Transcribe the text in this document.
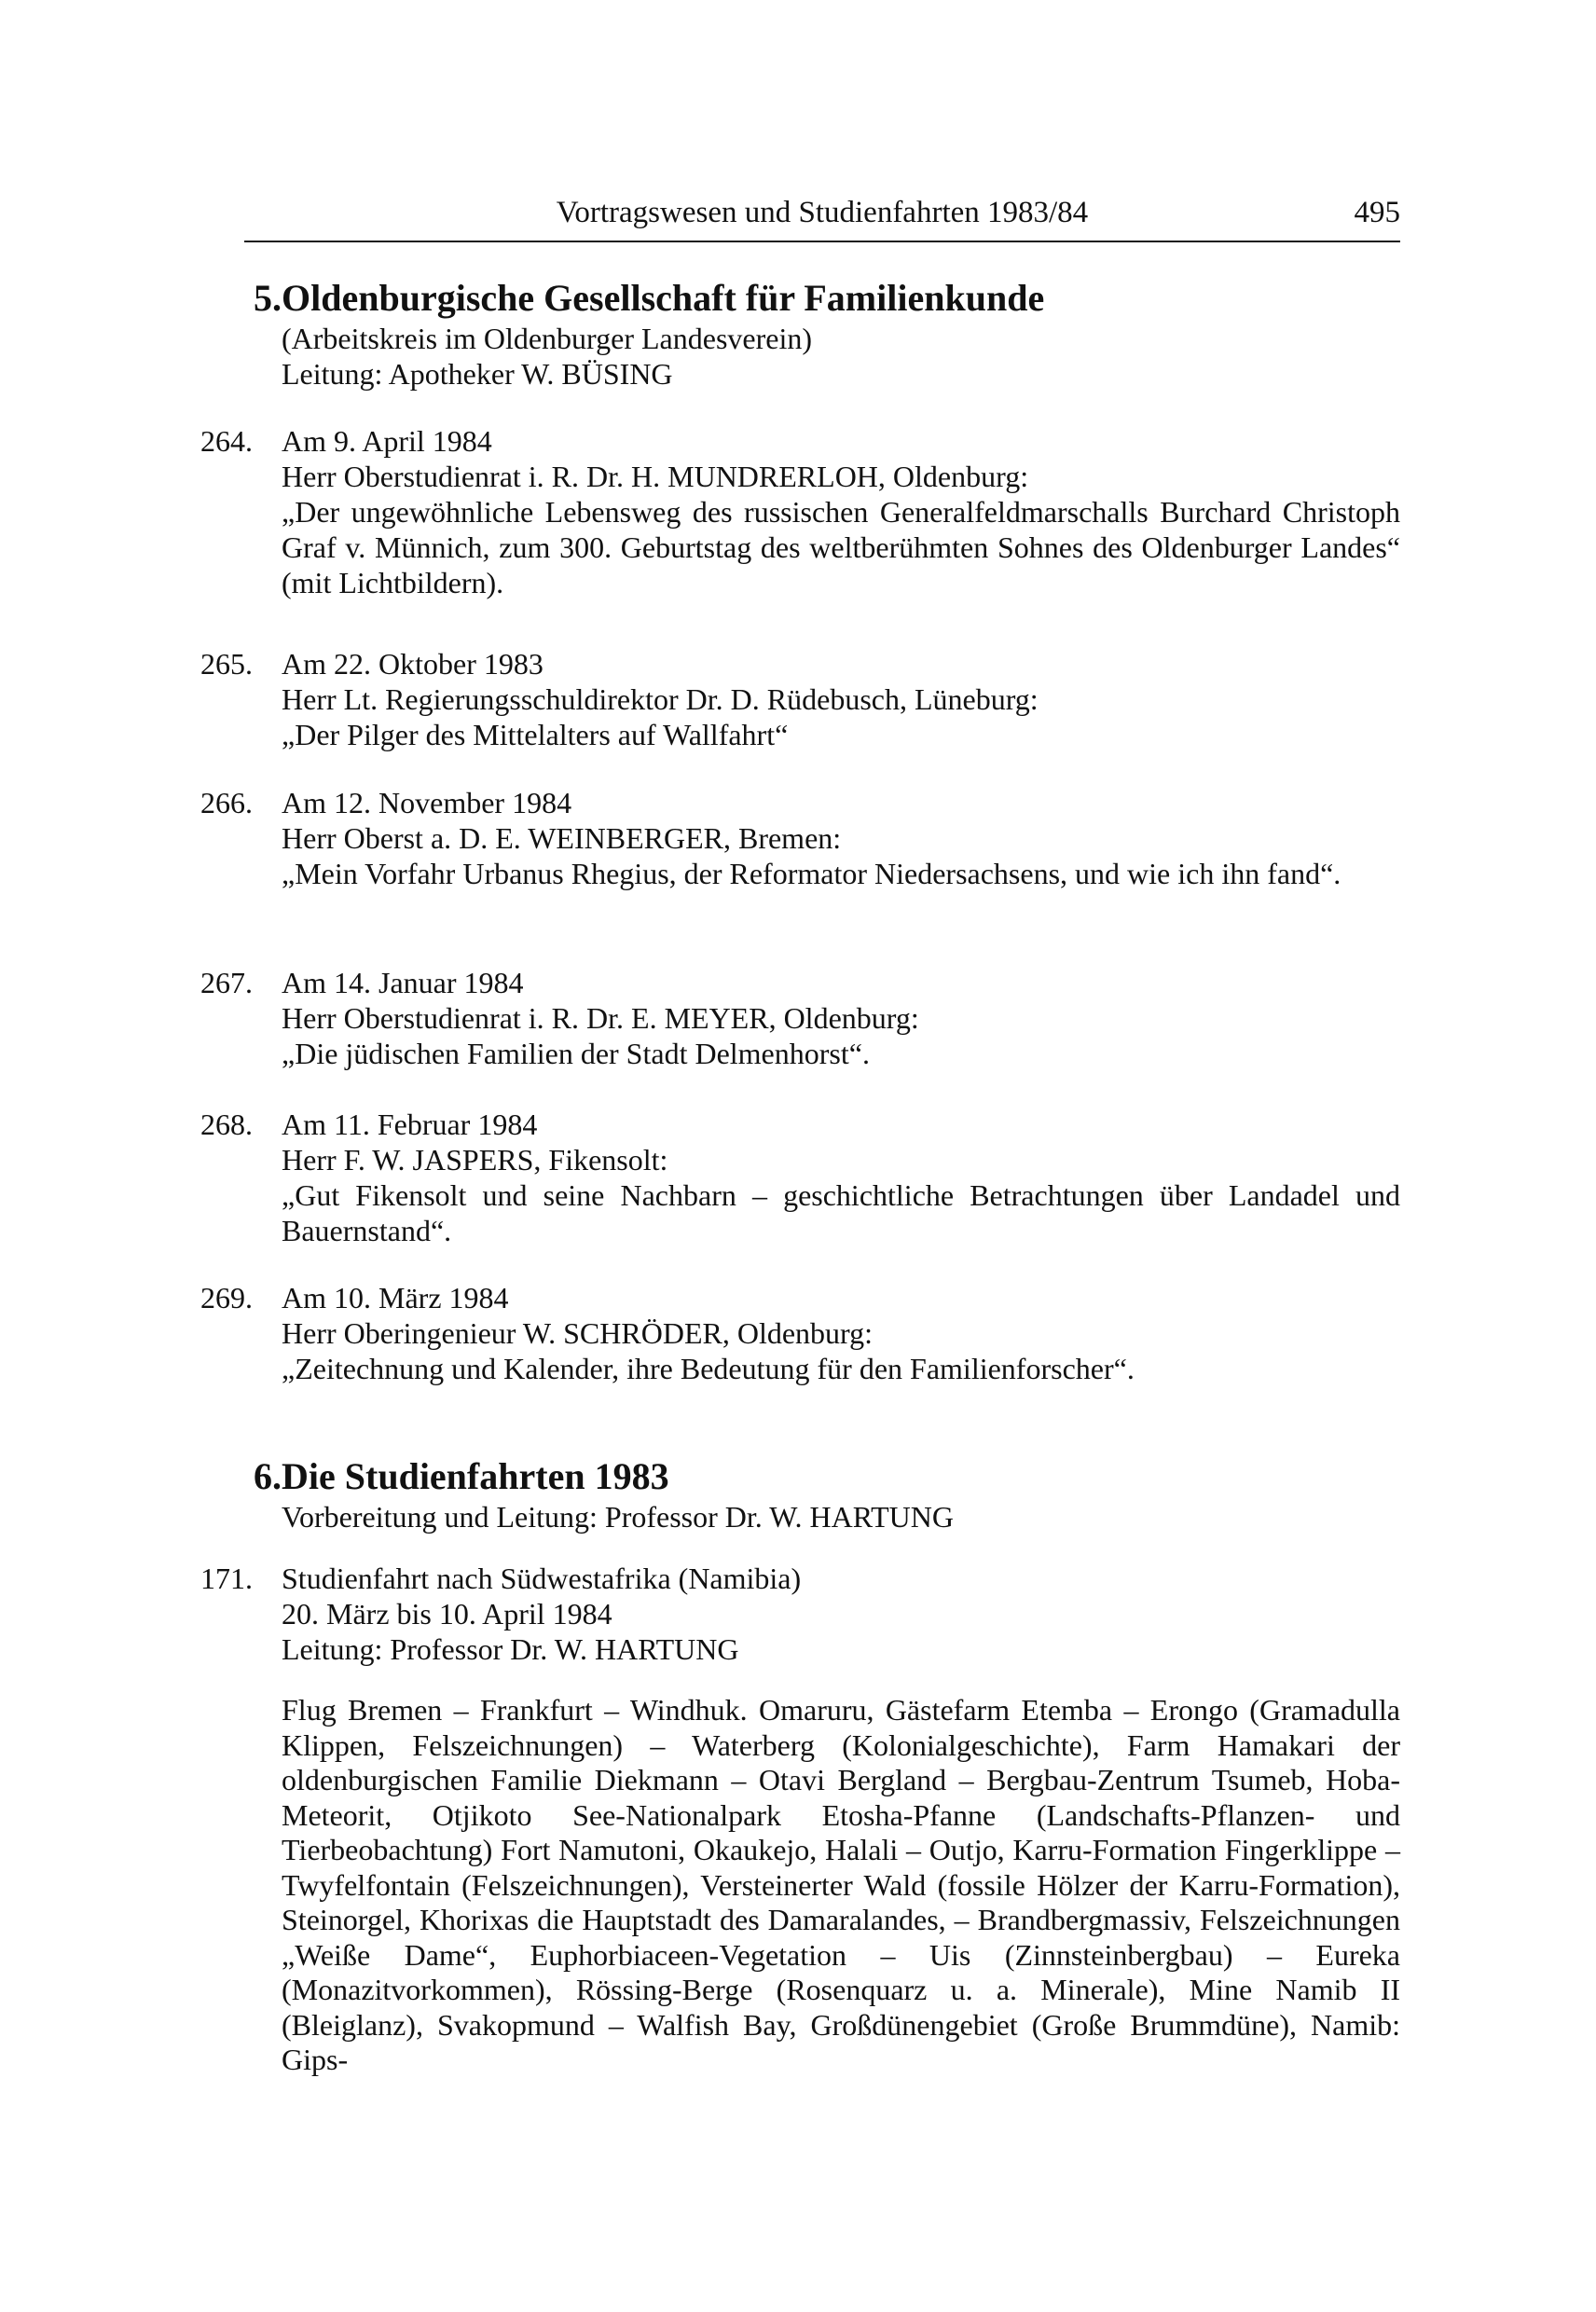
Vortragswesen und Studienfahrten 1983/84	495
5. Oldenburgische Gesellschaft für Familienkunde
(Arbeitskreis im Oldenburger Landesverein)
Leitung: Apotheker W. BÜSING
264. Am 9. April 1984
Herr Oberstudienrat i. R. Dr. H. MUNDRERLOH, Oldenburg:
„Der ungewöhnliche Lebensweg des russischen Generalfeldmarschalls Burchard Christoph Graf v. Münnich, zum 300. Geburtstag des weltberühmten Sohnes des Oldenburger Landes“ (mit Lichtbildern).
265. Am 22. Oktober 1983
Herr Lt. Regierungsschuldirektor Dr. D. Rüdebusch, Lüneburg:
„Der Pilger des Mittelalters auf Wallfahrt“
266. Am 12. November 1984
Herr Oberst a. D. E. WEINBERGER, Bremen:
„Mein Vorfahr Urbanus Rhegius, der Reformator Niedersachsens, und wie ich ihn fand“.
267. Am 14. Januar 1984
Herr Oberstudienrat i. R. Dr. E. MEYER, Oldenburg:
„Die jüdischen Familien der Stadt Delmenhorst“.
268. Am 11. Februar 1984
Herr F. W. JASPERS, Fikensolt:
„Gut Fikensolt und seine Nachbarn – geschichtliche Betrachtungen über Landadel und Bauernstand“.
269. Am 10. März 1984
Herr Oberingenieur W. SCHRÖDER, Oldenburg:
„Zeitechnung und Kalender, ihre Bedeutung für den Familienforscher“.
6. Die Studienfahrten 1983
Vorbereitung und Leitung: Professor Dr. W. HARTUNG
171. Studienfahrt nach Südwestafrika (Namibia)
20. März bis 10. April 1984
Leitung: Professor Dr. W. HARTUNG
Flug Bremen – Frankfurt – Windhuk. Omaruru, Gästefarm Etemba – Erongo (Gramadulla Klippen, Felszeichnungen) – Waterberg (Kolonialgeschichte), Farm Hamakari der oldenburgischen Familie Diekmann – Otavi Bergland – Bergbau-Zentrum Tsumeb, Hoba-Meteorit, Otjikoto See-Nationalpark Etosha-Pfanne (Landschafts-Pflanzen- und Tierbeobachtung) Fort Namutoni, Okaukejo, Halali – Outjo, Karru-Formation Fingerklippe – Twyfelfontain (Felszeichnungen), Versteinerter Wald (fossile Hölzer der Karru-Formation), Steinorgel, Khorixas die Hauptstadt des Damaralandes, – Brandbergmassiv, Felszeichnungen „Weiße Dame“, Euphorbiaceen-Vegetation – Uis (Zinnsteinbergbau) – Eureka (Monazitvorkommen), Rössing-Berge (Rosenquarz u. a. Minerale), Mine Namib II (Bleiglanz), Svakopmund – Walfish Bay, Großdünengebiet (Große Brummdüne), Namib: Gips-
